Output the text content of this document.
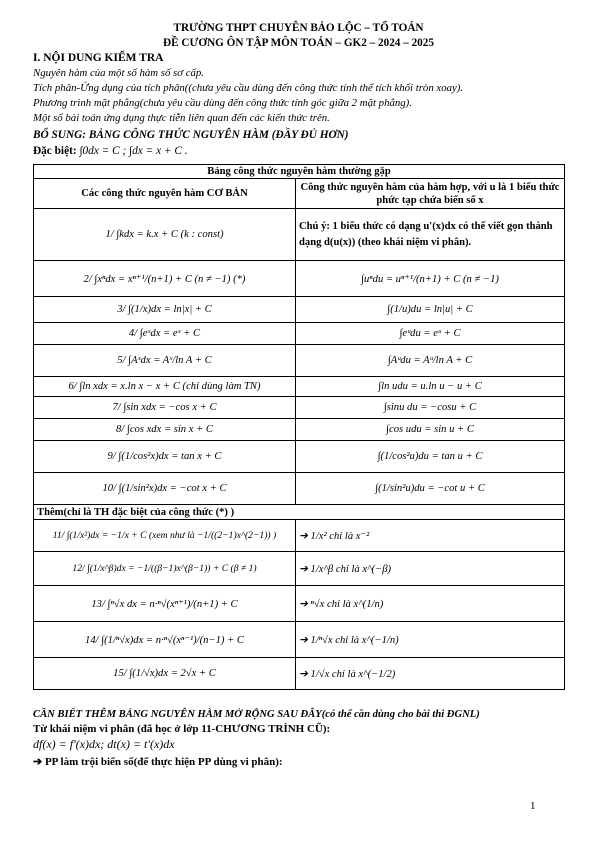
TRƯỜNG THPT CHUYÊN BẢO LỘC – TỔ TOÁN
ĐỀ CƯƠNG ÔN TẬP MÔN TOÁN – GK2 – 2024 – 2025
I. NỘI DUNG KIỂM TRA
Nguyên hàm của một số hàm số sơ cấp.
Tích phân-Ứng dụng của tích phân((chưa yêu cầu dùng đến công thức tính thể tích khối tròn xoay).
Phương trình mặt phẳng(chưa yêu cầu dùng đến công thức tính góc giữa 2 mặt phẳng).
Một số bài toán ứng dụng thực tiễn liên quan đến các kiến thức trên.
BỔ SUNG: BẢNG CÔNG THỨC NGUYÊN HÀM (ĐẦY ĐỦ HƠN)
Đặc biệt: ∫0dx = C ; ∫dx = x + C .
Bảng công thức nguyên hàm thường gặp	
Các công thức nguyên hàm CƠ BẢN	Công thức nguyên hàm của hàm hợp, với u là 1 biểu thức phức tạp chứa biến số x
1/ ∫kdx = k.x + C (k : const)	Chú ý: 1 biểu thức có dạng u'(x)dx có thể viết gọn thành dạng d(u(x)) (theo khái niệm vi phân).
2/ ∫xⁿdx = xⁿ⁺¹/(n+1) + C (n ≠ −1) (*)	∫uⁿdu = uⁿ⁺¹/(n+1) + C (n ≠ −1)
3/ ∫(1/x)dx = ln|x| + C	∫(1/u)du = ln|u| + C
4/ ∫eˣdx = eˣ + C	∫eᵘdu = eᵘ + C
5/ ∫Aˣdx = Aˣ/ln A + C	∫Aᵘdu = Aᵘ/ln A + C
6/ ∫ln xdx = x.ln x − x + C (chỉ dùng làm TN)	∫ln udu = u.ln u − u + C
7/ ∫sin xdx = −cos x + C	∫sinu du = −cosu + C
8/ ∫cos xdx = sin x + C	∫cos udu = sin u + C
9/ ∫(1/cos²x)dx = tan x + C	∫(1/cos²u)du = tan u + C
10/ ∫(1/sin²x)dx = −cot x + C	∫(1/sin²u)du = −cot u + C
Thêm(chỉ là TH đặc biệt của công thức (*) )	
11/ ∫(1/x²)dx = −1/x + C (xem như là −1/((2−1)x^(2−1)) )	➔ 1/x² chỉ là x⁻²
12/ ∫(1/x^β)dx = −1/((β−1)x^(β−1)) + C (β ≠ 1)	➔ 1/x^β chỉ là x^(−β)
13/ ∫ⁿ√x dx = n·ⁿ√(xⁿ⁺¹)/(n+1) + C	➔ ⁿ√x chỉ là x^(1/n)
14/ ∫(1/ⁿ√x)dx = n·ⁿ√(xⁿ⁻¹)/(n−1) + C	➔ 1/ⁿ√x chỉ là x^(−1/n)
15/ ∫(1/√x)dx = 2√x + C	➔ 1/√x chỉ là x^(−1/2)
CẦN BIẾT THÊM BẢNG NGUYÊN HÀM MỞ RỘNG SAU ĐÂY(có thể cần dùng cho bài thi ĐGNL)
Từ khái niệm vi phân (đã học ở lớp 11-CHƯƠNG TRÌNH CŨ):
df(x) = f'(x)dx; dt(x) = t'(x)dx
➔ PP làm trội biến số(để thực hiện PP dùng vi phân):
1
